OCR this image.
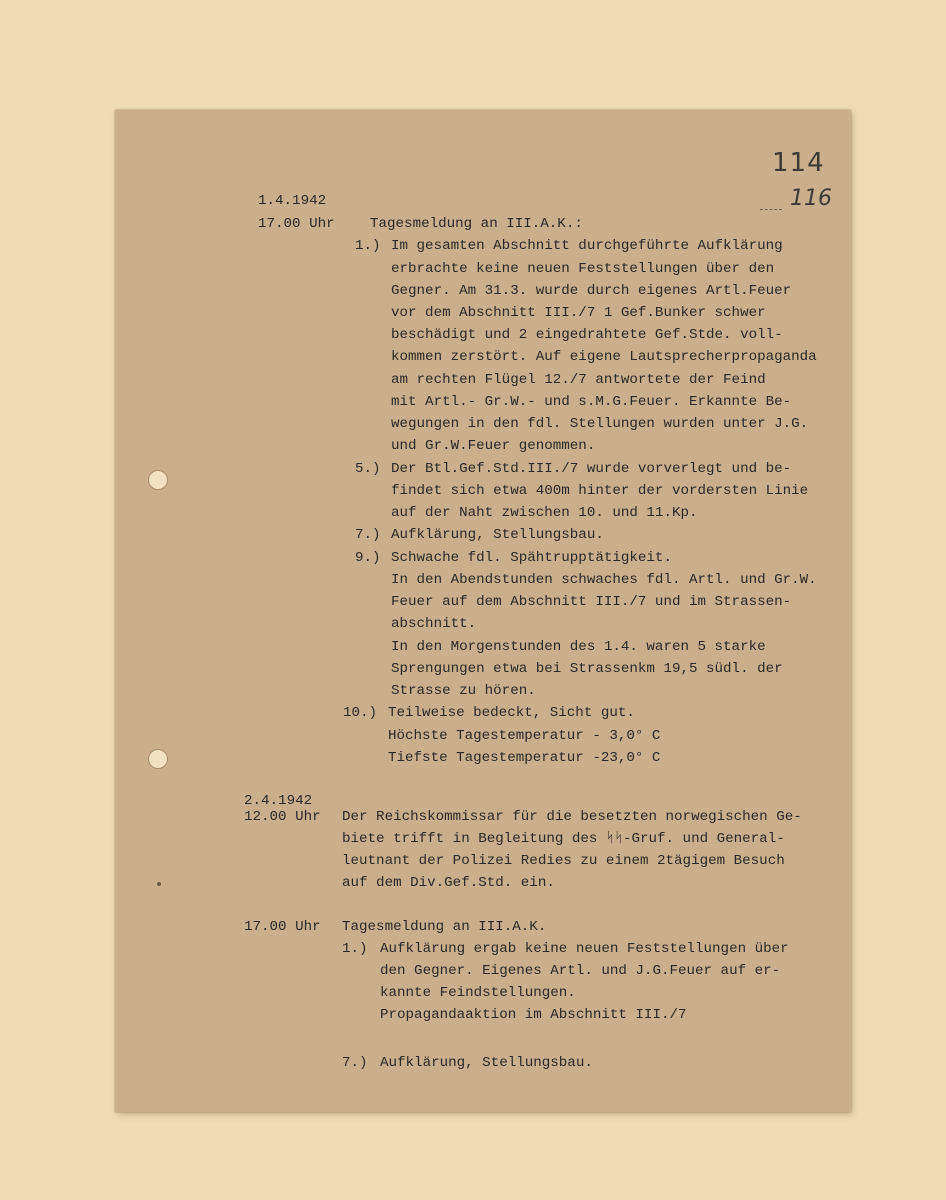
114
116
1.4.1942
17.00 Uhr Tagesmeldung an III.A.K.:
1.) Im gesamten Abschnitt durchgeführte Aufklärung
erbrachte keine neuen Feststellungen über den
Gegner. Am 31.3. wurde durch eigenes Artl.Feuer
vor dem Abschnitt III./7 1 Gef.Bunker schwer
beschädigt und 2 eingedrahtete Gef.Stde. voll-
kommen zerstört. Auf eigene Lautsprecherpropaganda
am rechten Flügel 12./7 antwortete der Feind
mit Artl.- Gr.W.- und s.M.G.Feuer. Erkannte Be-
wegungen in den fdl. Stellungen wurden unter J.G.
und Gr.W.Feuer genommen.
5.) Der Btl.Gef.Std.III./7 wurde vorverlegt und be-
findet sich etwa 400m hinter der vordersten Linie
auf der Naht zwischen 10. und 11.Kp.
7.) Aufklärung, Stellungsbau.
9.) Schwache fdl. Spähtrupptätigkeit.
In den Abendstunden schwaches fdl. Artl. und Gr.W.
Feuer auf dem Abschnitt III./7 und im Strassen-
abschnitt.
In den Morgenstunden des 1.4. waren 5 starke
Sprengungen etwa bei Strassenkm 19,5 südl. der
Strasse zu hören.
10.) Teilweise bedeckt, Sicht gut.
Höchste Tagestemperatur - 3,0° C
Tiefste Tagestemperatur -23,0° C
2.4.1942
12.00 Uhr Der Reichskommissar für die besetzten norwegischen Ge-
biete trifft in Begleitung des ᛋᛋ-Gruf. und General-
leutnant der Polizei Redies zu einem 2tägigem Besuch
auf dem Div.Gef.Std. ein.
17.00 Uhr Tagesmeldung an III.A.K.
1.) Aufklärung ergab keine neuen Feststellungen über
den Gegner. Eigenes Artl. und J.G.Feuer auf er-
kannte Feindstellungen.
Propagandaaktion im Abschnitt III./7
7.) Aufklärung, Stellungsbau.
